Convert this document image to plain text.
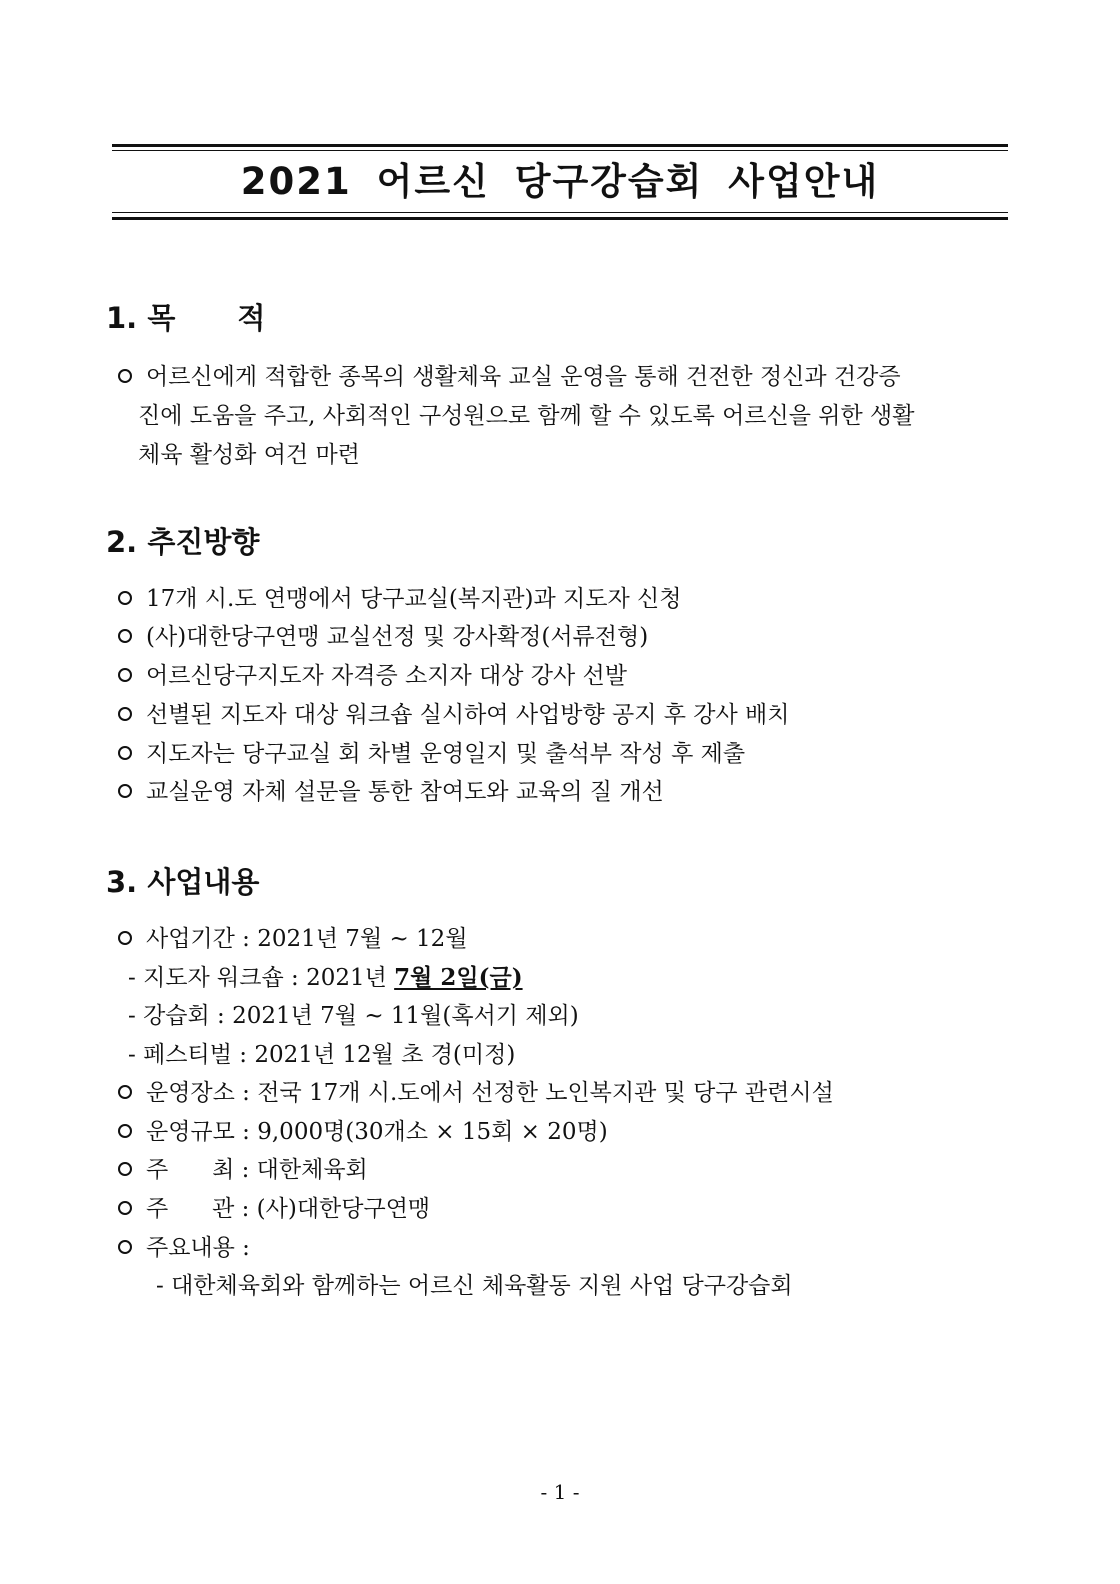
2021 어르신 당구강습회 사업안내
1. 목 적
어르신에게 적합한 종목의 생활체육 교실 운영을 통해 건전한 정신과 건강증
진에 도움을 주고, 사회적인 구성원으로 함께 할 수 있도록 어르신을 위한 생활
체육 활성화 여건 마련
2. 추진방향
17개 시.도 연맹에서 당구교실(복지관)과 지도자 신청
(사)대한당구연맹 교실선정 및 강사확정(서류전형)
어르신당구지도자 자격증 소지자 대상 강사 선발
선별된 지도자 대상 워크숍 실시하여 사업방향 공지 후 강사 배치
지도자는 당구교실 회 차별 운영일지 및 출석부 작성 후 제출
교실운영 자체 설문을 통한 참여도와 교육의 질 개선
3. 사업내용
사업기간 : 2021년 7월 ~ 12월
- 지도자 워크숍 : 2021년 7월 2일(금)
- 강습회 : 2021년 7월 ~ 11월(혹서기 제외)
- 페스티벌 : 2021년 12월 초 경(미정)
운영장소 : 전국 17개 시.도에서 선정한 노인복지관 및 당구 관련시설
운영규모 : 9,000명(30개소 × 15회 × 20명)
주      최 : 대한체육회
주      관 : (사)대한당구연맹
주요내용 :
- 대한체육회와 함께하는 어르신 체육활동 지원 사업 당구강습회
- 1 -
